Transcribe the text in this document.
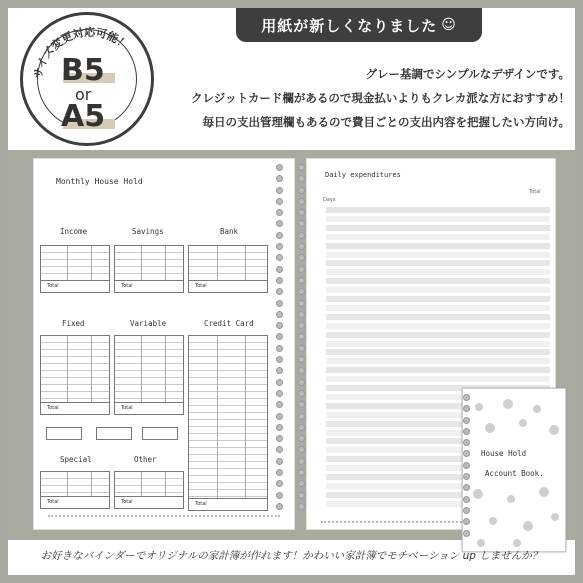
用紙が新しくなりました ☺
サイズ変更対応可能！
B5
or
A5
グレー基調でシンプルなデザインです。
クレジットカード欄があるので現金払いよりもクレカ派な方におすすめ！
毎日の支出管理欄もあるので費目ごとの支出内容を把握したい方向け。
Monthly House Hold
Income	Savings	Bank
Total	Total	Total
Fixed	Variable	Credit Card
Total	Total
Total
Special	Other
Total	Total
Daily expenditures
Total
Days
House Hold
Account Book.
お好きなバインダーでオリジナルの家計簿が作れます！かわいい家計簿でモチベーション up しませんか？
